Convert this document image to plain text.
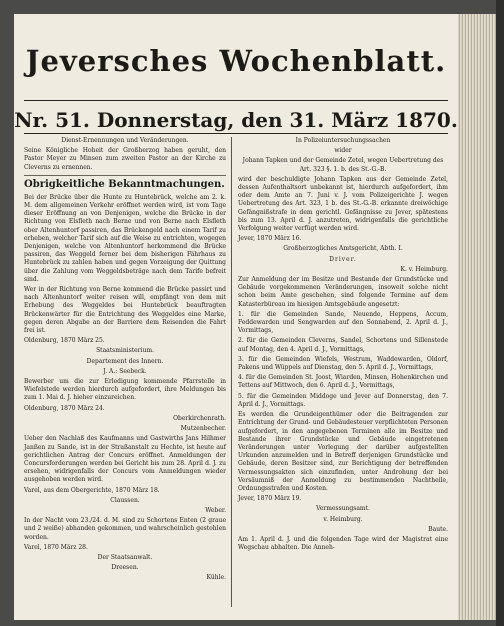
Jeversches Wochenblatt.
Nr. 51. Donnerstag, den 31. März 1870.

Dienst-Ernennungen und Veränderungen.

Seine Königliche Hoheit der Großherzog haben geruht, den Pastor Meyer zu Minsen zum zweiten Pastor an der Kirche zu Cleverns zu ernennen.

Obrigkeitliche Bekanntmachungen.

Bei der Brücke über die Hunte zu Huntebrück, welche am 2. k. M. dem allgemeinen Verkehr eröffnet werden wird, ist vom Tage dieser Eröffnung an von Denjenigen, welche die Brücke in der Richtung von Elsfleth nach Berne und von Berne nach Elsfleth ober Altenhuntorf passiren, das Brückengeld nach einem Tarif zu erheben, welcher Tarif sich auf die Weise zu entrichten, wogegen Denjenigen, welche von Altenhuntorf herkommend die Brücke passiren, das Weggeld ferner bei dem bisherigen Fährhaus zu Huntebrück zu zahlen haben und gegen Vorzeigung der Quittung über die Zahlung vom Weggeldsbeträge nach dem Tarife befreit sind.

Wer in der Richtung von Berne kommend die Brücke passirt und nach Altenhuntorf weiter reisen will, empfängt von dem mit Erhebung des Weggeldes bei Huntebrück beauftragten Brückenwärter für die Entrichtung des Weggeldes eine Marke, gegen deren Abgabe an der Barriere dem Reisenden die Fahrt frei ist.

Oldenburg, 1870 März 25.

Staatsministerium.

Departement des Innern.

J. A.: Seebeck.

Bewerber um die zur Erledigung kommende Pfarrstelle in Wiefelstede werden hierdurch aufgefordert, ihre Meldungen bis zum 1. Mai d. J. hieher einzureichen.

Oldenburg, 1870 März 24.

Oberkirchenrath.

Mutzenbecher.

Ueber den Nachlaß des Kaufmanns und Gastwirths Jans Hilhmer Janßen zu Sande, ist in der Straßanstalt zu Hechte, ist heute auf gerichtlichen Antrag der Concurs eröffnet. Anmeldungen der Concursforderungen werden bei Gericht bis zum 28. April d. J. zu ersehen, widrigenfalls der Concurs vom Anmeldungen wieder ausgehoben werden wird.

Varel, aus dem Obergerichte, 1870 März 18.

Claussen.

Weber.

In der Nacht vom 23./24. d. M. sind zu Schortens Enten (2 graue und 2 weiße) abhanden gekommen, und wahrscheinlich gestohlen worden.

Varel, 1870 März 28.

Der Staatsanwalt.

Dreesen.

Kühle.

In Polizeiuntersuchungssachen

wider

Johann Tapken und der Gemeinde Zetel, wegen Uebertretung des Art. 323 §. 1. b. des St.-G.-B.

wird der beschuldigte Johann Tapken aus der Gemeinde Zetel, dessen Aufenthaltsort unbekannt ist, hierdurch aufgefordert, ihm oder dem Amte an 7. Juni v. J. vom Polizeigerichte J. wegen Uebertretung des Art. 323, 1 b. des St.-G.-B. erkannte dreiwöchige Gefängnißstrafe in dem gerichtl. Gefängnisse zu Jever, spätestens bis zum 13. April d. J. anzutreten, widrigenfalls die gerichtliche Verfolgung weiter verfügt werden wird.

Jever, 1870 März 16.

Großherzogliches Amtsgericht, Abth. I.

Driver.

K. v. Heimburg.

Zur Anmeldung der im Besitze und Bestande der Grundstücke und Gebäude vorgekommenen Veränderungen, insoweit solche nicht schon beim Amte geschehen, sind folgende Termine auf dem Katasterbüreau im hiesigen Amtsgebäude angesetzt:

1. für die Gemeinden Sande, Neuende, Heppens, Accum, Feddewarden und Sengwarden auf den Sonnabend, 2. April d. J., Vormittags,

2. für die Gemeinden Cleverns, Sandel, Schortens und Sillenstede auf Montag, den 4. April d. J., Vormittags,

3. für die Gemeinden Wiefels, Westrum, Waddewarden, Oldorf, Pakens und Wüppels auf Dienstag, den 5. April d. J., Vormittags,

4. für die Gemeinden St. Joost, Wiarden, Minsen, Hohenkirchen und Tettens auf Mittwoch, den 6. April d. J., Vormittags,

5. für die Gemeinden Middoge und Jever auf Donnerstag, den 7. April d. J., Vormittags.

Es werden die Grundeigenthümer oder die Beitragenden zur Entrichtung der Grund- und Gebäudesteuer verpflichteten Personen aufgefordert, in den angegebenen Terminen alle im Besitze und Bestande ihrer Grundstücke und Gebäude eingetretenen Veränderungen unter Vorlegung der darüber aufgestellten Urkunden anzumelden und in Betreff derjenigen Grundstücke und Gebäude, deren Besitzer sind, zur Berichtigung der betreffenden Vermessungsakten sich einzufinden, unter Androhung der bei Versäumniß der Anmeldung zu bestimmenden Nachtheile, Ordnungsstrafen und Kosten.

Jever, 1870 März 19.

Vermessungsamt.

v. Heimburg.

Baute.

Am 1. April d. J. und die folgenden Tage wird der Magistrat eine Wegschau abhalten. Die Anneh-
